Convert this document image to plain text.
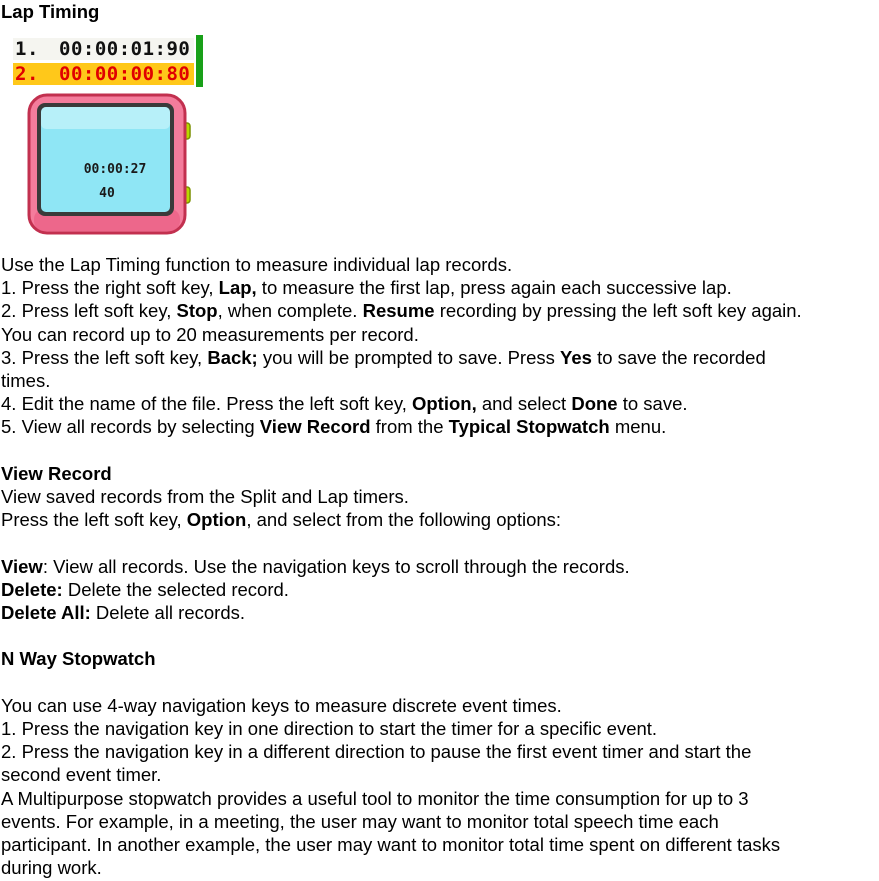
Lap Timing
1. 00:00:01:90
2. 00:00:00:80
00:00:27
40

Use the Lap Timing function to measure individual lap records.

1. Press the right soft key, Lap, to measure the first lap, press again each successive lap.

2. Press left soft key, Stop, when complete. Resume recording by pressing the left soft key again.

You can record up to 20 measurements per record.

3. Press the left soft key, Back; you will be prompted to save. Press Yes to save the recorded

times.

4. Edit the name of the file. Press the left soft key, Option, and select Done to save.

5. View all records by selecting View Record from the Typical Stopwatch menu.

View Record

View saved records from the Split and Lap timers.

Press the left soft key, Option, and select from the following options:

View: View all records. Use the navigation keys to scroll through the records.

Delete: Delete the selected record.

Delete All: Delete all records.

N Way Stopwatch

You can use 4-way navigation keys to measure discrete event times.

1. Press the navigation key in one direction to start the timer for a specific event.

2. Press the navigation key in a different direction to pause the first event timer and start the

second event timer.

A Multipurpose stopwatch provides a useful tool to monitor the time consumption for up to 3

events. For example, in a meeting, the user may want to monitor total speech time each

participant. In another example, the user may want to monitor total time spent on different tasks

during work.
